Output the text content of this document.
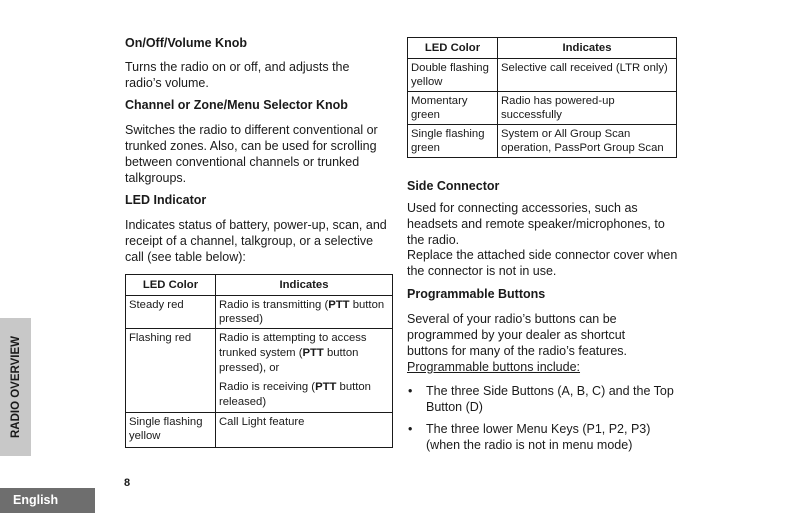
On/Off/Volume Knob

Turns the radio on or off, and adjusts the radio’s volume.

Channel or Zone/Menu Selector Knob

Switches the radio to different conventional or trunked zones. Also, can be used for scrolling between conventional channels or trunked talkgroups.

LED Indicator

Indicates status of battery, power-up, scan, and receipt of a channel, talkgroup, or a selective call (see table below):

LED Color	Indicates
Steady red	Radio is transmitting (PTT button pressed)
Flashing red	Radio is attempting to access trunked system (PTT button pressed), or

Radio is receiving (PTT button released)

Single flashing yellow	Call Light feature
LED Color	Indicates
Double flashing yellow	Selective call received (LTR only)
Momentary green	Radio has powered-up successfully
Single flashing green	System or All Group Scan operation, PassPort Group Scan
Side Connector

Used for connecting accessories, such as headsets and remote speaker/microphones, to the radio.

Replace the attached side connector cover when the connector is not in use.

Programmable Buttons

Several of your radio’s buttons can be programmed by your dealer as shortcut buttons for many of the radio’s features.

Programmable buttons include:

• The three Side Buttons (A, B, C) and the Top Button (D)
• The three lower Menu Keys (P1, P2, P3) (when the radio is not in menu mode)
RADIO OVERVIEW
8
English
